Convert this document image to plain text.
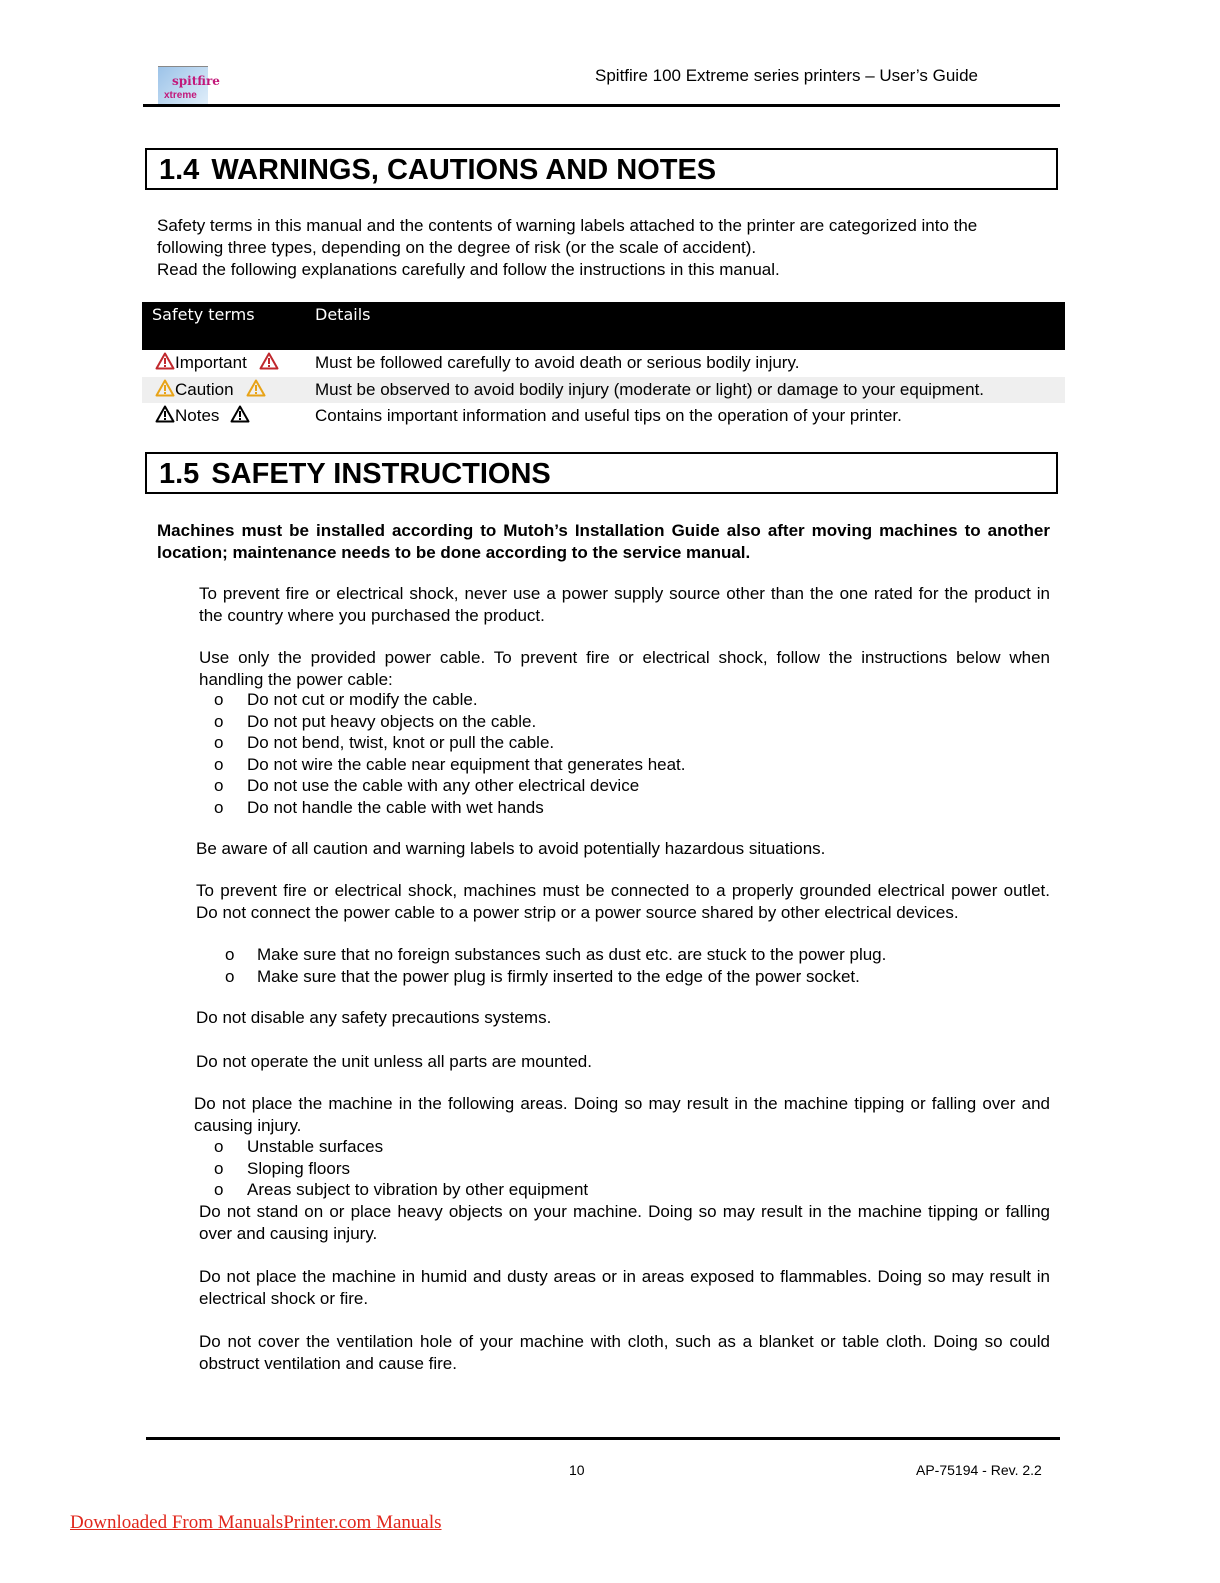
spitfire
xtreme
Spitfire 100 Extreme series printers – User’s Guide
1.4 WARNINGS, CAUTIONS AND NOTES
Safety terms in this manual and the contents of warning labels attached to the printer are categorized into the following three types, depending on the degree of risk (or the scale of accident).
Read the following explanations carefully and follow the instructions in this manual.
Safety terms	Details
Important	Must be followed carefully to avoid death or serious bodily injury.
Caution	Must be observed to avoid bodily injury (moderate or light) or damage to your equipment.
Notes	Contains important information and useful tips on the operation of your printer.
1.5 SAFETY INSTRUCTIONS
Machines must be installed according to Mutoh’s Installation Guide also after moving machines to another location; maintenance needs to be done according to the service manual.
To prevent fire or electrical shock, never use a power supply source other than the one rated for the product in the country where you purchased the product.
Use only the provided power cable. To prevent fire or electrical shock, follow the instructions below when handling the power cable:
o Do not cut or modify the cable.
o Do not put heavy objects on the cable.
o Do not bend, twist, knot or pull the cable.
o Do not wire the cable near equipment that generates heat.
o Do not use the cable with any other electrical device
o Do not handle the cable with wet hands
Be aware of all caution and warning labels to avoid potentially hazardous situations.
To prevent fire or electrical shock, machines must be connected to a properly grounded electrical power outlet. Do not connect the power cable to a power strip or a power source shared by other electrical devices.
o Make sure that no foreign substances such as dust etc. are stuck to the power plug.
o Make sure that the power plug is firmly inserted to the edge of the power socket.
Do not disable any safety precautions systems.
Do not operate the unit unless all parts are mounted.
Do not place the machine in the following areas. Doing so may result in the machine tipping or falling over and causing injury.
o Unstable surfaces
o Sloping floors
o Areas subject to vibration by other equipment
Do not stand on or place heavy objects on your machine. Doing so may result in the machine tipping or falling over and causing injury.
Do not place the machine in humid and dusty areas or in areas exposed to flammables. Doing so may result in electrical shock or fire.
Do not cover the ventilation hole of your machine with cloth, such as a blanket or table cloth. Doing so could obstruct ventilation and cause fire.
10	AP-75194 - Rev. 2.2
Downloaded From ManualsPrinter.com Manuals
